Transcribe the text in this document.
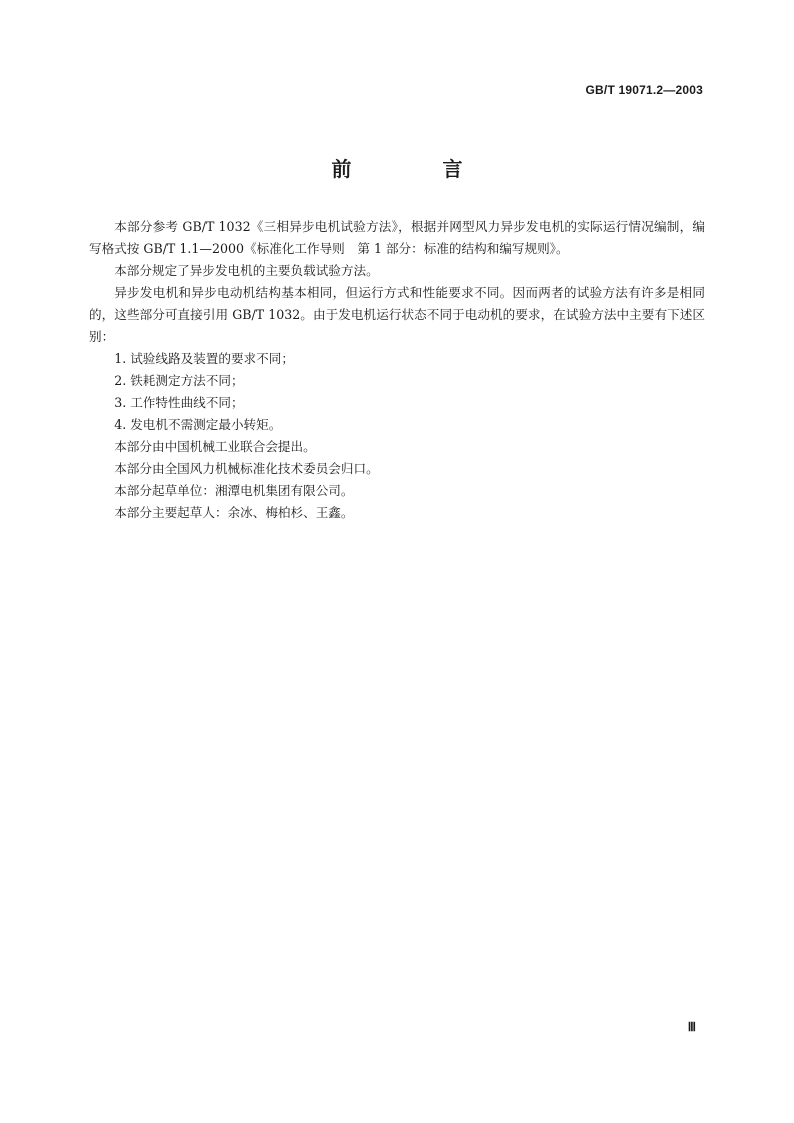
GB/T 19071.2—2003
前 言

本部分参考 GB/T 1032《三相异步电机试验方法》，根据并网型风力异步发电机的实际运行情况编制，编写格式按 GB/T 1.1—2000《标准化工作导则　第 1 部分：标准的结构和编写规则》。

本部分规定了异步发电机的主要负载试验方法。

异步发电机和异步电动机结构基本相同，但运行方式和性能要求不同。因而两者的试验方法有许多是相同的，这些部分可直接引用 GB/T 1032。由于发电机运行状态不同于电动机的要求，在试验方法中主要有下述区别：

1. 试验线路及装置的要求不同；

2. 铁耗测定方法不同；

3. 工作特性曲线不同；

4. 发电机不需测定最小转矩。

本部分由中国机械工业联合会提出。

本部分由全国风力机械标准化技术委员会归口。

本部分起草单位：湘潭电机集团有限公司。

本部分主要起草人：余冰、梅柏杉、王鑫。

Ⅲ
